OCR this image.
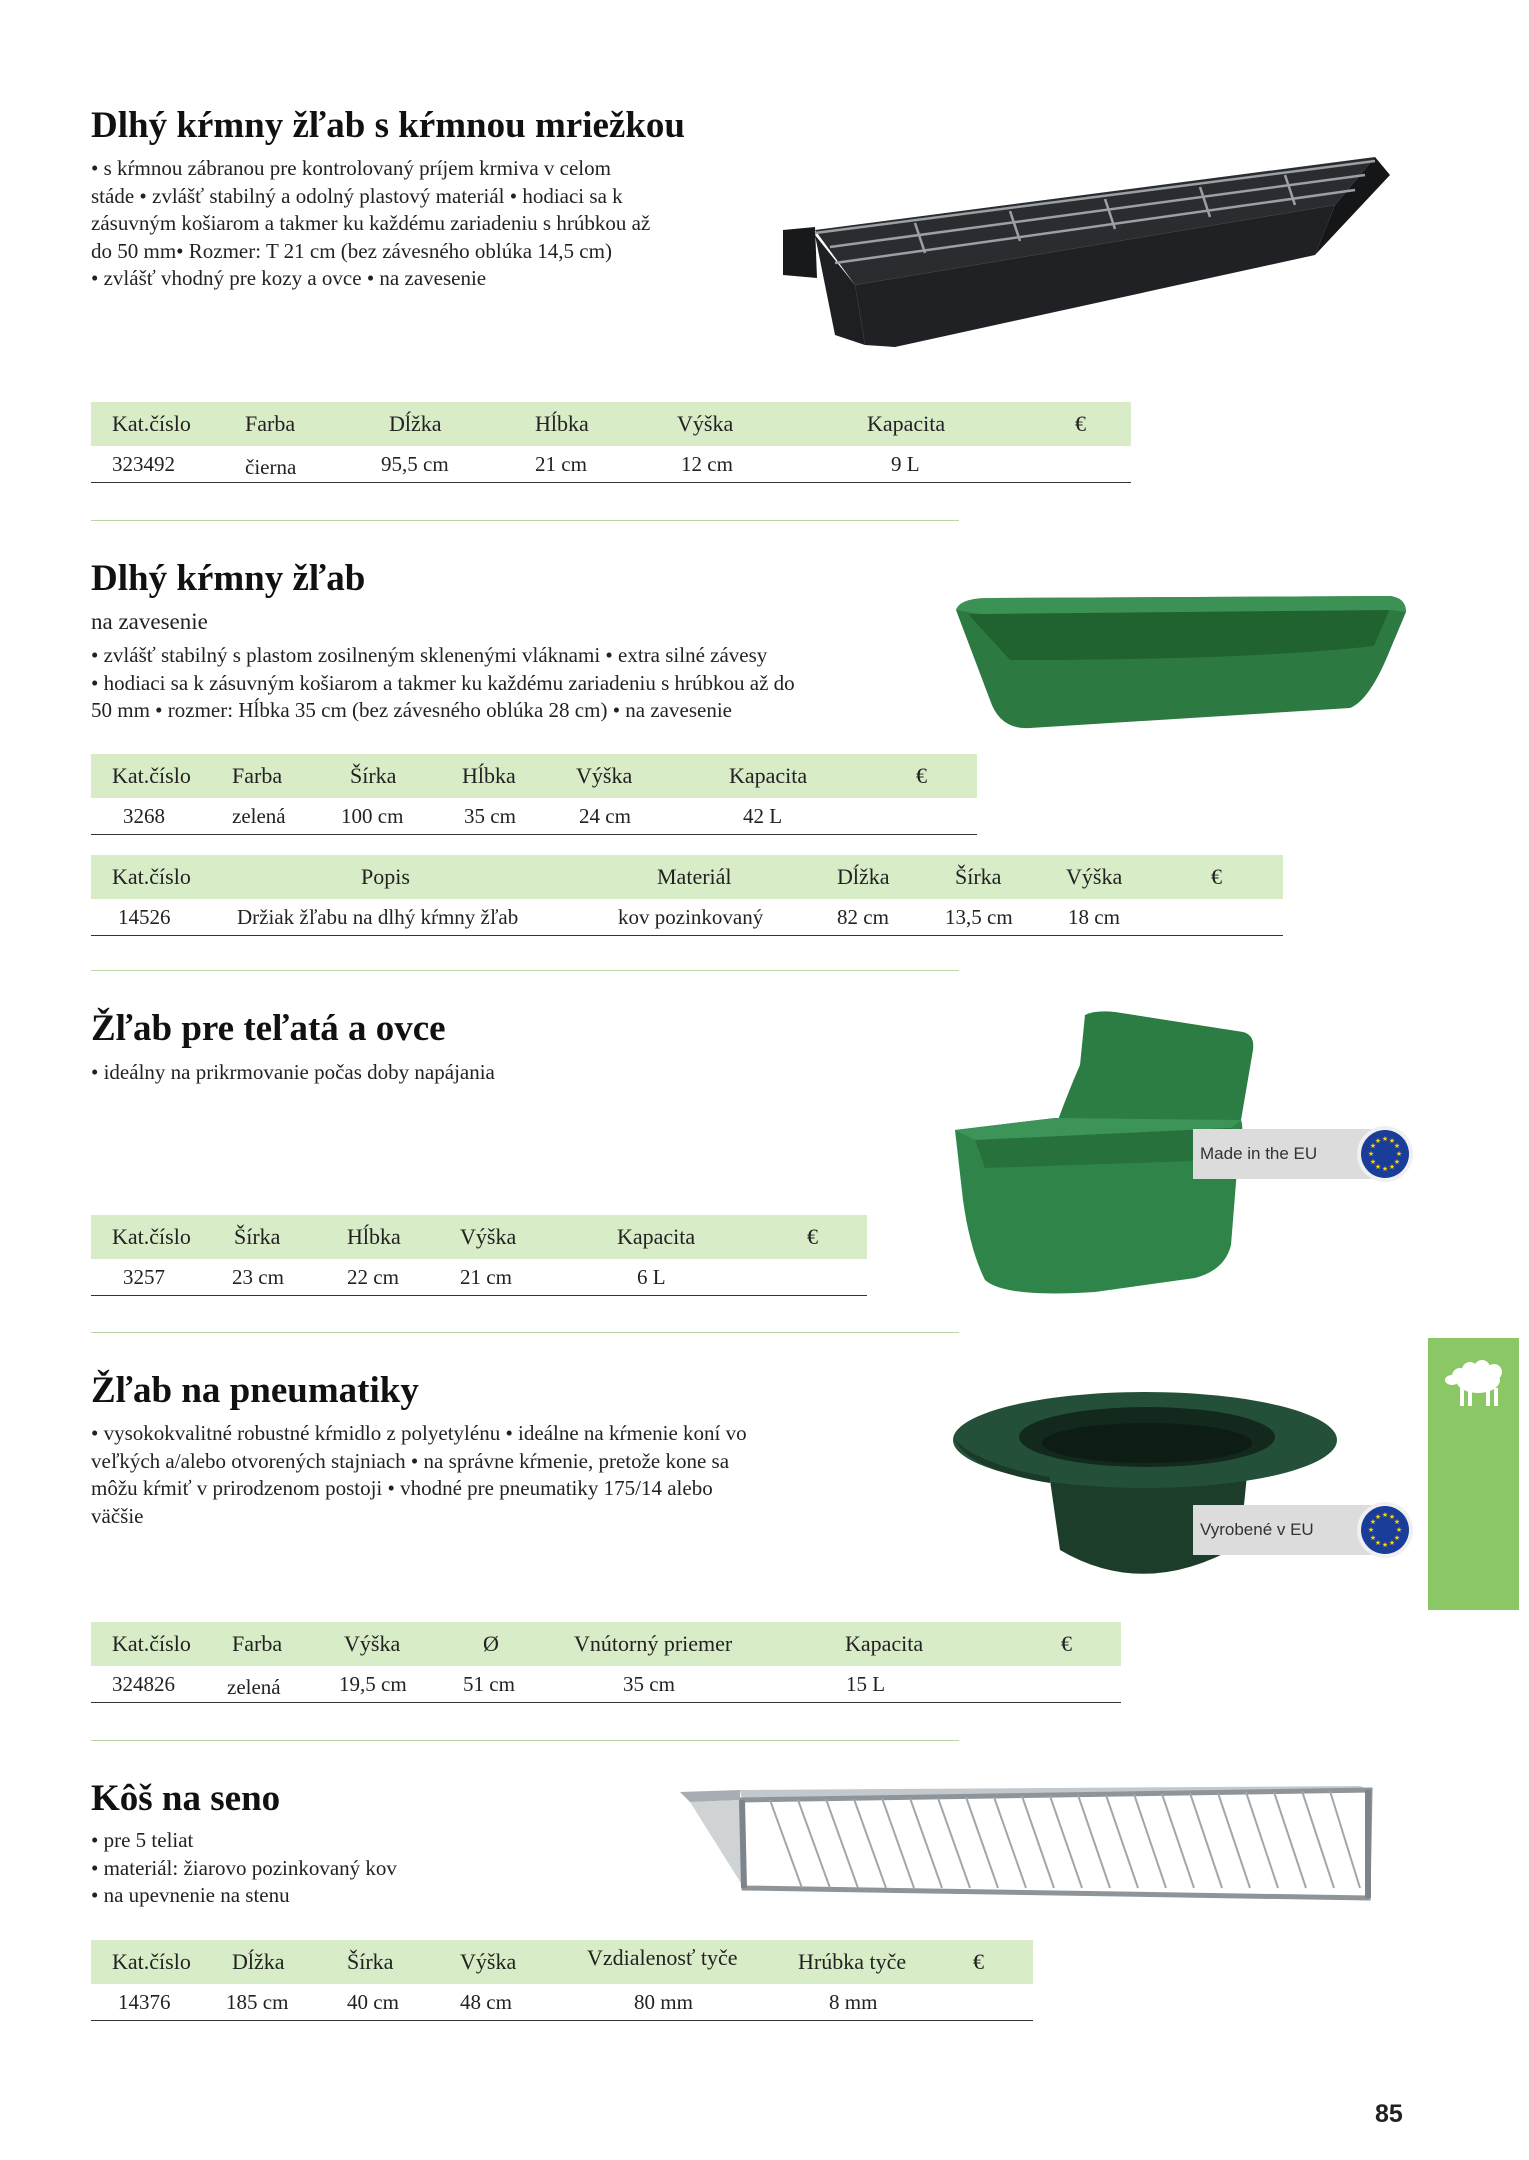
Dlhý kŕmny žľab s kŕmnou mriežkou
• s kŕmnou zábranou pre kontrolovaný príjem krmiva v celom
stáde • zvlášť stabilný a odolný plastový materiál • hodiaci sa k
zásuvným košiarom a takmer ku každému zariadeniu s hrúbkou až
do 50 mm• Rozmer: T 21 cm (bez závesného oblúka 14,5 cm)
• zvlášť vhodný pre kozy a ovce • na zavesenie
Kat.číslo Farba	Dĺžka	Hĺbka	Výška	Kapacita	€
323492	čierna	95,5 cm	21 cm	12 cm	9 L
Dlhý kŕmny žľab
na zavesenie
• zvlášť stabilný s plastom zosilneným sklenenými vláknami • extra silné závesy
• hodiaci sa k zásuvným košiarom a takmer ku každému zariadeniu s hrúbkou až do
50 mm • rozmer: Hĺbka 35 cm (bez závesného oblúka 28 cm) • na zavesenie
Kat.číslo Farba	Šírka	Hĺbka	Výška	Kapacita	€
3268	zelená	100 cm	35 cm	24 cm	42 L
Kat.číslo	Popis	Materiál	Dĺžka	Šírka	Výška	€
14526	Držiak žľabu na dlhý kŕmny žľab	kov pozinkovaný	82 cm	13,5 cm	18 cm
Žľab pre teľatá a ovce
• ideálny na prikrmovanie počas doby napájania
Made in the EU
★ ★
★
★
★
★
★
★
★
★
★
★
Kat.číslo Šírka	Hĺbka	Výška	Kapacita	€
3257	23 cm	22 cm	21 cm	6 L
Žľab na pneumatiky
• vysokokvalitné robustné kŕmidlo z polyetylénu • ideálne na kŕmenie koní vo
veľkých a/alebo otvorených stajniach • na správne kŕmenie, pretože kone sa
môžu kŕmiť v prirodzenom postoji • vhodné pre pneumatiky 175/14 alebo
väčšie
Vyrobené v EU
★ ★
★
★
★
★
★
★
★
★
★
★
Kat.číslo Farba	Výška	Ø	Vnútorný priemer	Kapacita	€
324826 zelená	19,5 cm	51 cm	35 cm	15 L
Kôš na seno
• pre 5 teliat
• materiál: žiarovo pozinkovaný kov
• na upevnenie na stenu
Kat.číslo Dĺžka	Šírka	Výška	Vzdialenosť tyče	Hrúbka tyče	€
14376	185 cm	40 cm	48 cm	80 mm	8 mm
85
